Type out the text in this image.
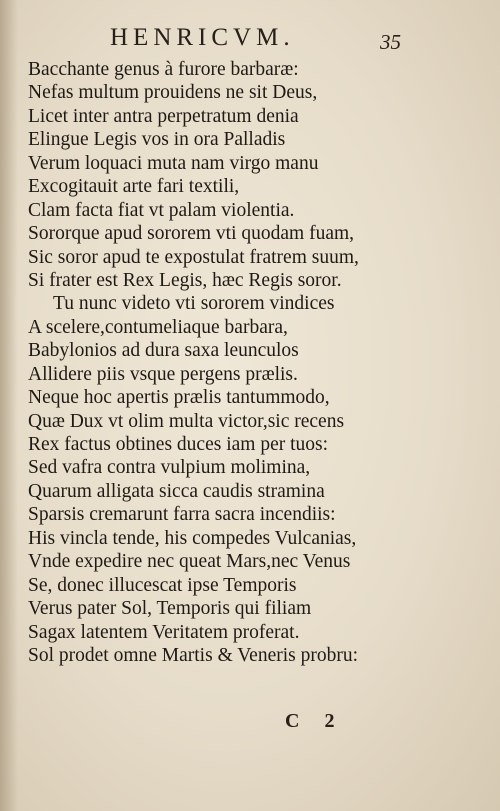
HENRICVM.	35
Bacchante genus à furore barbaræ:
Nefas multum prouidens ne sit Deus,
Licet inter antra perpetratum denia
Elingue Legis vos in ora Palladis
Verum loquaci muta nam virgo manu
Excogitauit arte fari textili,
Clam facta fiat vt palam violentia.
Sororque apud sororem vti quodam fuam,
Sic soror apud te expostulat fratrem suum,
Si frater est Rex Legis, hæc Regis soror.
Tu nunc videto vti sororem vindices
A scelere,contumeliaque barbara,
Babylonios ad dura saxa leunculos
Allidere piis vsque pergens prælis.
Neque hoc apertis prælis tantummodo,
Quæ Dux vt olim multa victor,sic recens
Rex factus obtines duces iam per tuos:
Sed vafra contra vulpium molimina,
Quarum alligata sicca caudis stramina
Sparsis cremarunt farra sacra incendiis:
His vincla tende, his compedes Vulcanias,
Vnde expedire nec queat Mars,nec Venus
Se, donec illucescat ipse Temporis
Verus pater Sol, Temporis qui filiam
Sagax latentem Veritatem proferat.
Sol prodet omne Martis & Veneris probru:
C 2
